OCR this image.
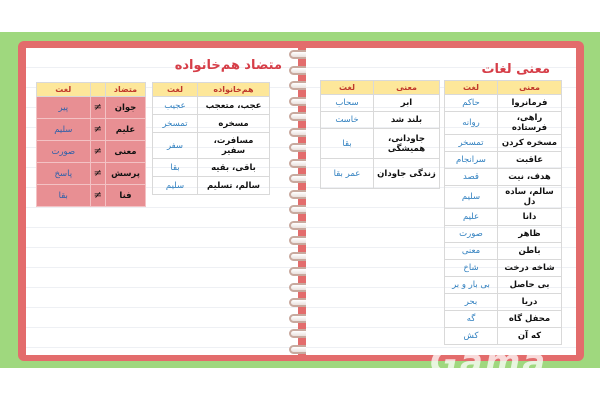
متضاد
هم‌خانواده
متضاد		لغت
جوان	≠	پیر
علیم	≠	سلیم
معنی	≠	صورت
پرسش	≠	پاسخ
فنا	≠	بقا
هم‌خانواده	لغت
عجب، متعجب	عجیب
مسخره	تمسخر
مسافرت، سفیر	سفر
باقی، بقیه	بقا
سالم، تسلیم	سلیم
معنی لغات
معنی	لغت
ابر	سحاب
بلند شد	خاست
جاودانی، همیشگی	بقا
زندگی جاودان	عمر بقا
معنی	لغت
فرمانروا	حاکم
راهی، فرستاده	روانه
مسخره کردن	تمسخر
عاقبت	سرانجام
هدف، نیت	قصد
سالم، ساده دل	سلیم
دانا	علیم
ظاهر	صورت
باطن	معنی
شاخه درخت	شاخ
بی حاصل	بی بار و بر
دریا	بحر
محفل گاه	گه
که آن	کش
Gama
